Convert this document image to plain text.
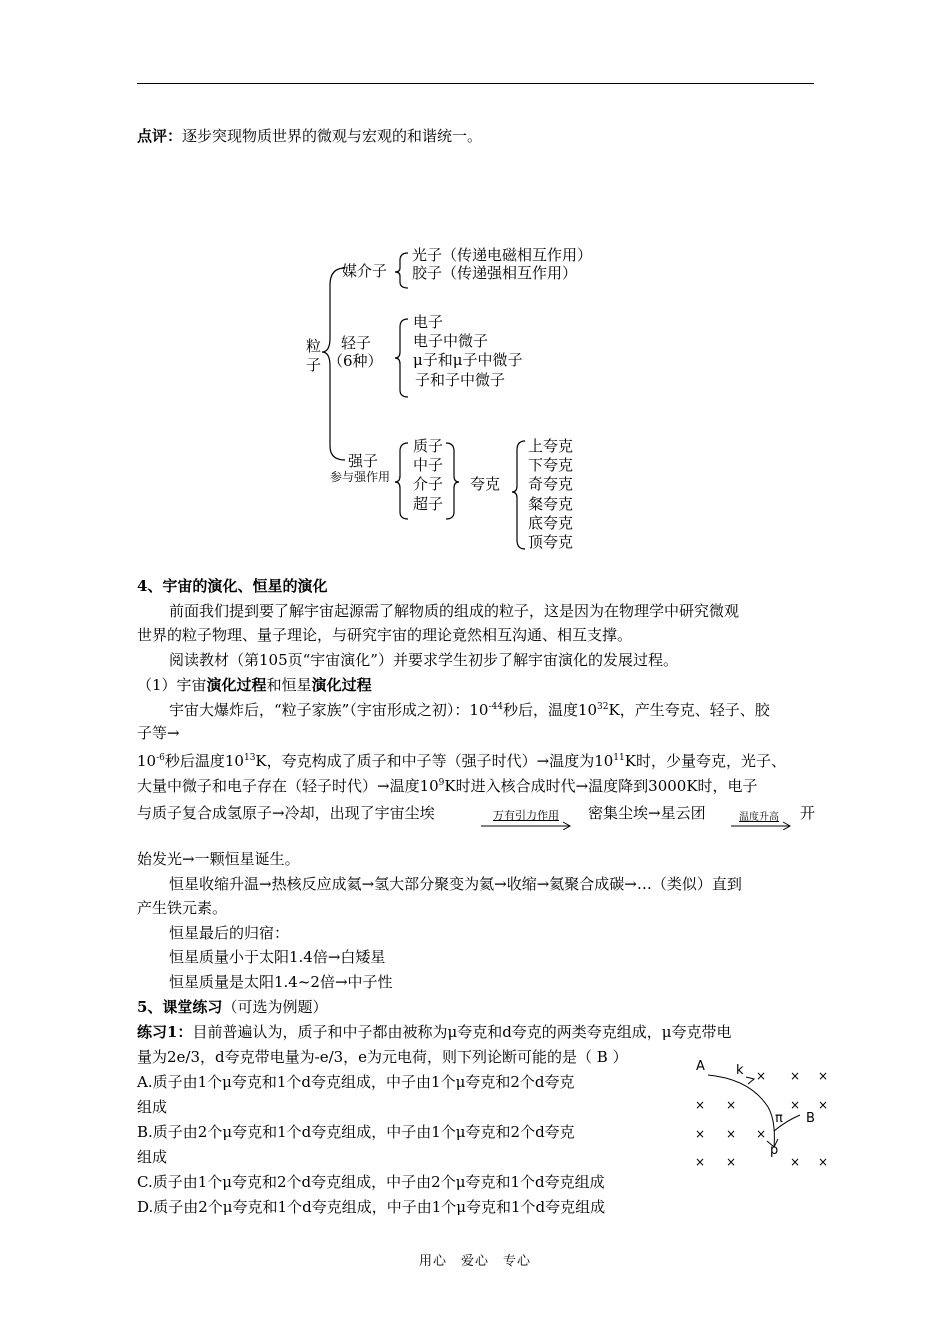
点评：逐步突现物质世界的微观与宏观的和谐统一。
粒
子
媒介子
光子（传递电磁相互作用）
胶子（传递强相互作用）
轻子
（6种）
电子
电子中微子
μ子和μ子中微子
子和子中微子
强子
参与强作用
质子
中子
介子
超子
夸克
上夸克
下夸克
奇夸克
粲夸克
底夸克
顶夸克
4、宇宙的演化、恒星的演化
前面我们提到要了解宇宙起源需了解物质的组成的粒子，这是因为在物理学中研究微观
世界的粒子物理、量子理论，与研究宇宙的理论竟然相互沟通、相互支撑。
阅读教材（第105页“宇宙演化”）并要求学生初步了解宇宙演化的发展过程。
（1）宇宙演化过程和恒星演化过程
宇宙大爆炸后，“粒子家族”（宇宙形成之初）：$10^{-44}$秒后，温度$10^{32}K$，产生夸克、轻子、胶
子等→
$10^{-6}$秒后温度$10^{13}K$，夸克构成了质子和中子等（强子时代）→温度为$10^{11}K$时，少量夸克，光子、
大量中微子和电子存在（轻子时代）→温度$10^9K$时进入核合成时代→温度降到3000K时，电子
与质子复合成氢原子→冷却，出现了宇宙尘埃	万有引力作用 密集尘埃→星云团	温度升高 开
始发光→一颗恒星诞生。
恒星收缩升温→热核反应成氦→氢大部分聚变为氦→收缩→氦聚合成碳→…（类似）直到
产生铁元素。
恒星最后的归宿：
恒星质量小于太阳1.4倍→白矮星
恒星质量是太阳1.4~2倍→中子性
5、课堂练习（可选为例题）
练习1：目前普遍认为，质子和中子都由被称为μ夸克和d夸克的两类夸克组成，μ夸克带电
量为2e/3，d夸克带电量为-e/3，e为元电荷，则下列论断可能的是（ B ）
A.质子由1个μ夸克和1个d夸克组成，中子由1个μ夸克和2个d夸克
组成
B.质子由2个μ夸克和1个d夸克组成，中子由1个μ夸克和2个d夸克
组成
C.质子由1个μ夸克和2个d夸克组成，中子由2个μ夸克和1个d夸克组成
D.质子由2个μ夸克和1个d夸克组成，中子由1个μ夸克和1个d夸克组成
A k
π B
p
× × ×
× ×	× ×
× × ×
× ×	× ×
用心　爱心　专心
